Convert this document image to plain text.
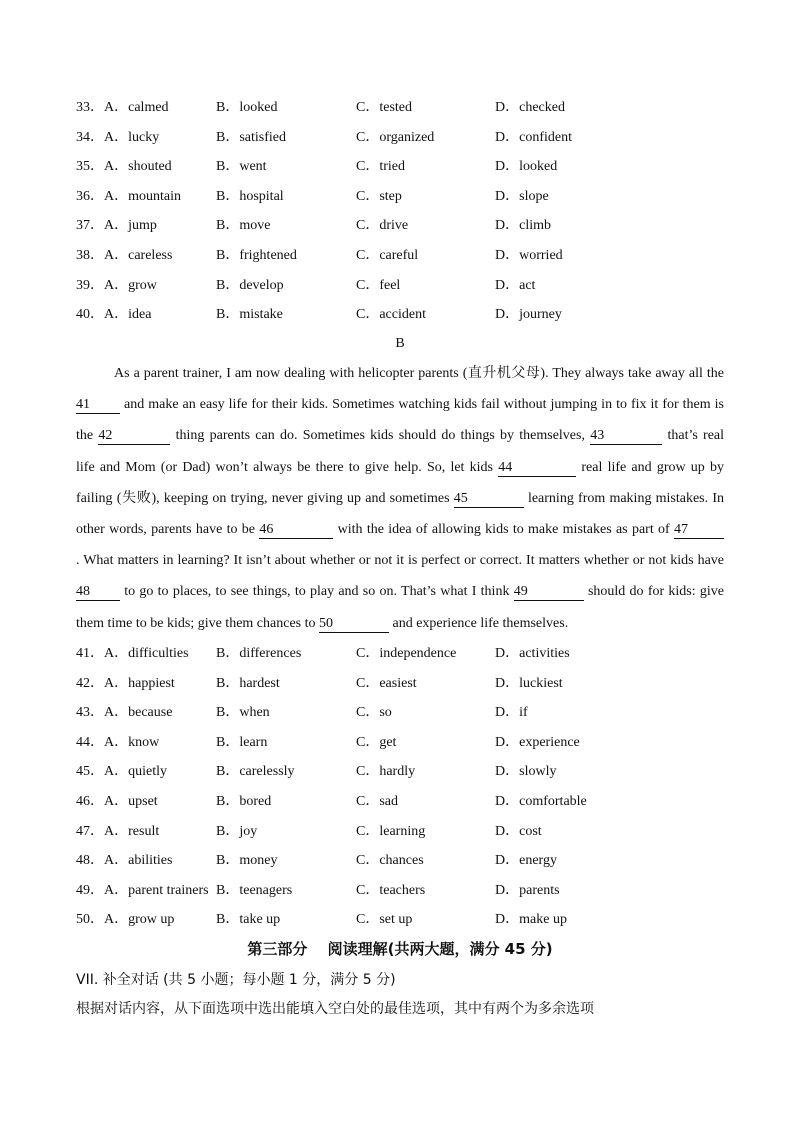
33．A．calmed	B．looked	C．tested	D．checked
34．A．lucky	B．satisfied	C．organized	D．confident
35．A．shouted	B．went	C．tried	D．looked
36．A．mountain B．hospital	C．step	D．slope
37．A．jump	B．move	C．drive	D．climb
38．A．careless	B．frightened	C．careful	D．worried
39．A．grow	B．develop	C．feel	D．act
40．A．idea	B．mistake	C．accident	D．journey
B
As a parent trainer, I am now dealing with helicopter parents (直升机父母). They always take away all the
41 and make an easy life for their kids. Sometimes watching kids fail without jumping in to fix it for them is
the 42	thing parents can do. Sometimes kids should do things by themselves, 43	that’s real
life and Mom (or Dad) won’t always be there to give help. So, let kids 44	real life and grow up by
failing (失败), keeping on trying, never giving up and sometimes 45	learning from making mistakes. In
other words, parents have to be 46	with the idea of allowing kids to make mistakes as part of 47
. What matters in learning? It isn’t about whether or not it is perfect or correct. It matters whether or not kids have
48 to go to places, to see things, to play and so on. That’s what I think 49	should do for kids: give
them time to be kids; give them chances to 50	and experience life themselves.
41．A．difficulties B．differences	C．independence	D．activities
42．A．happiest	B．hardest	C．easiest	D．luckiest
43．A．because	B．when	C．so	D．if
44．A．know	B．learn	C．get	D．experience
45．A．quietly	B．carelessly	C．hardly	D．slowly
46．A．upset	B．bored	C．sad	D．comfortable
47．A．result	B．joy	C．learning	D．cost
48．A．abilities	B．money	C．chances	D．energy
49．A．parent trainers B．teenagers	C．teachers	D．parents
50．A．grow up	B．take up	C．set up	D．make up
第三部分　 阅读理解(共两大题，满分 45 分)
VII. 补全对话 (共 5 小题；每小题 1 分，满分 5 分)
根据对话内容，从下面选项中选出能填入空白处的最佳选项，其中有两个为多余选项
